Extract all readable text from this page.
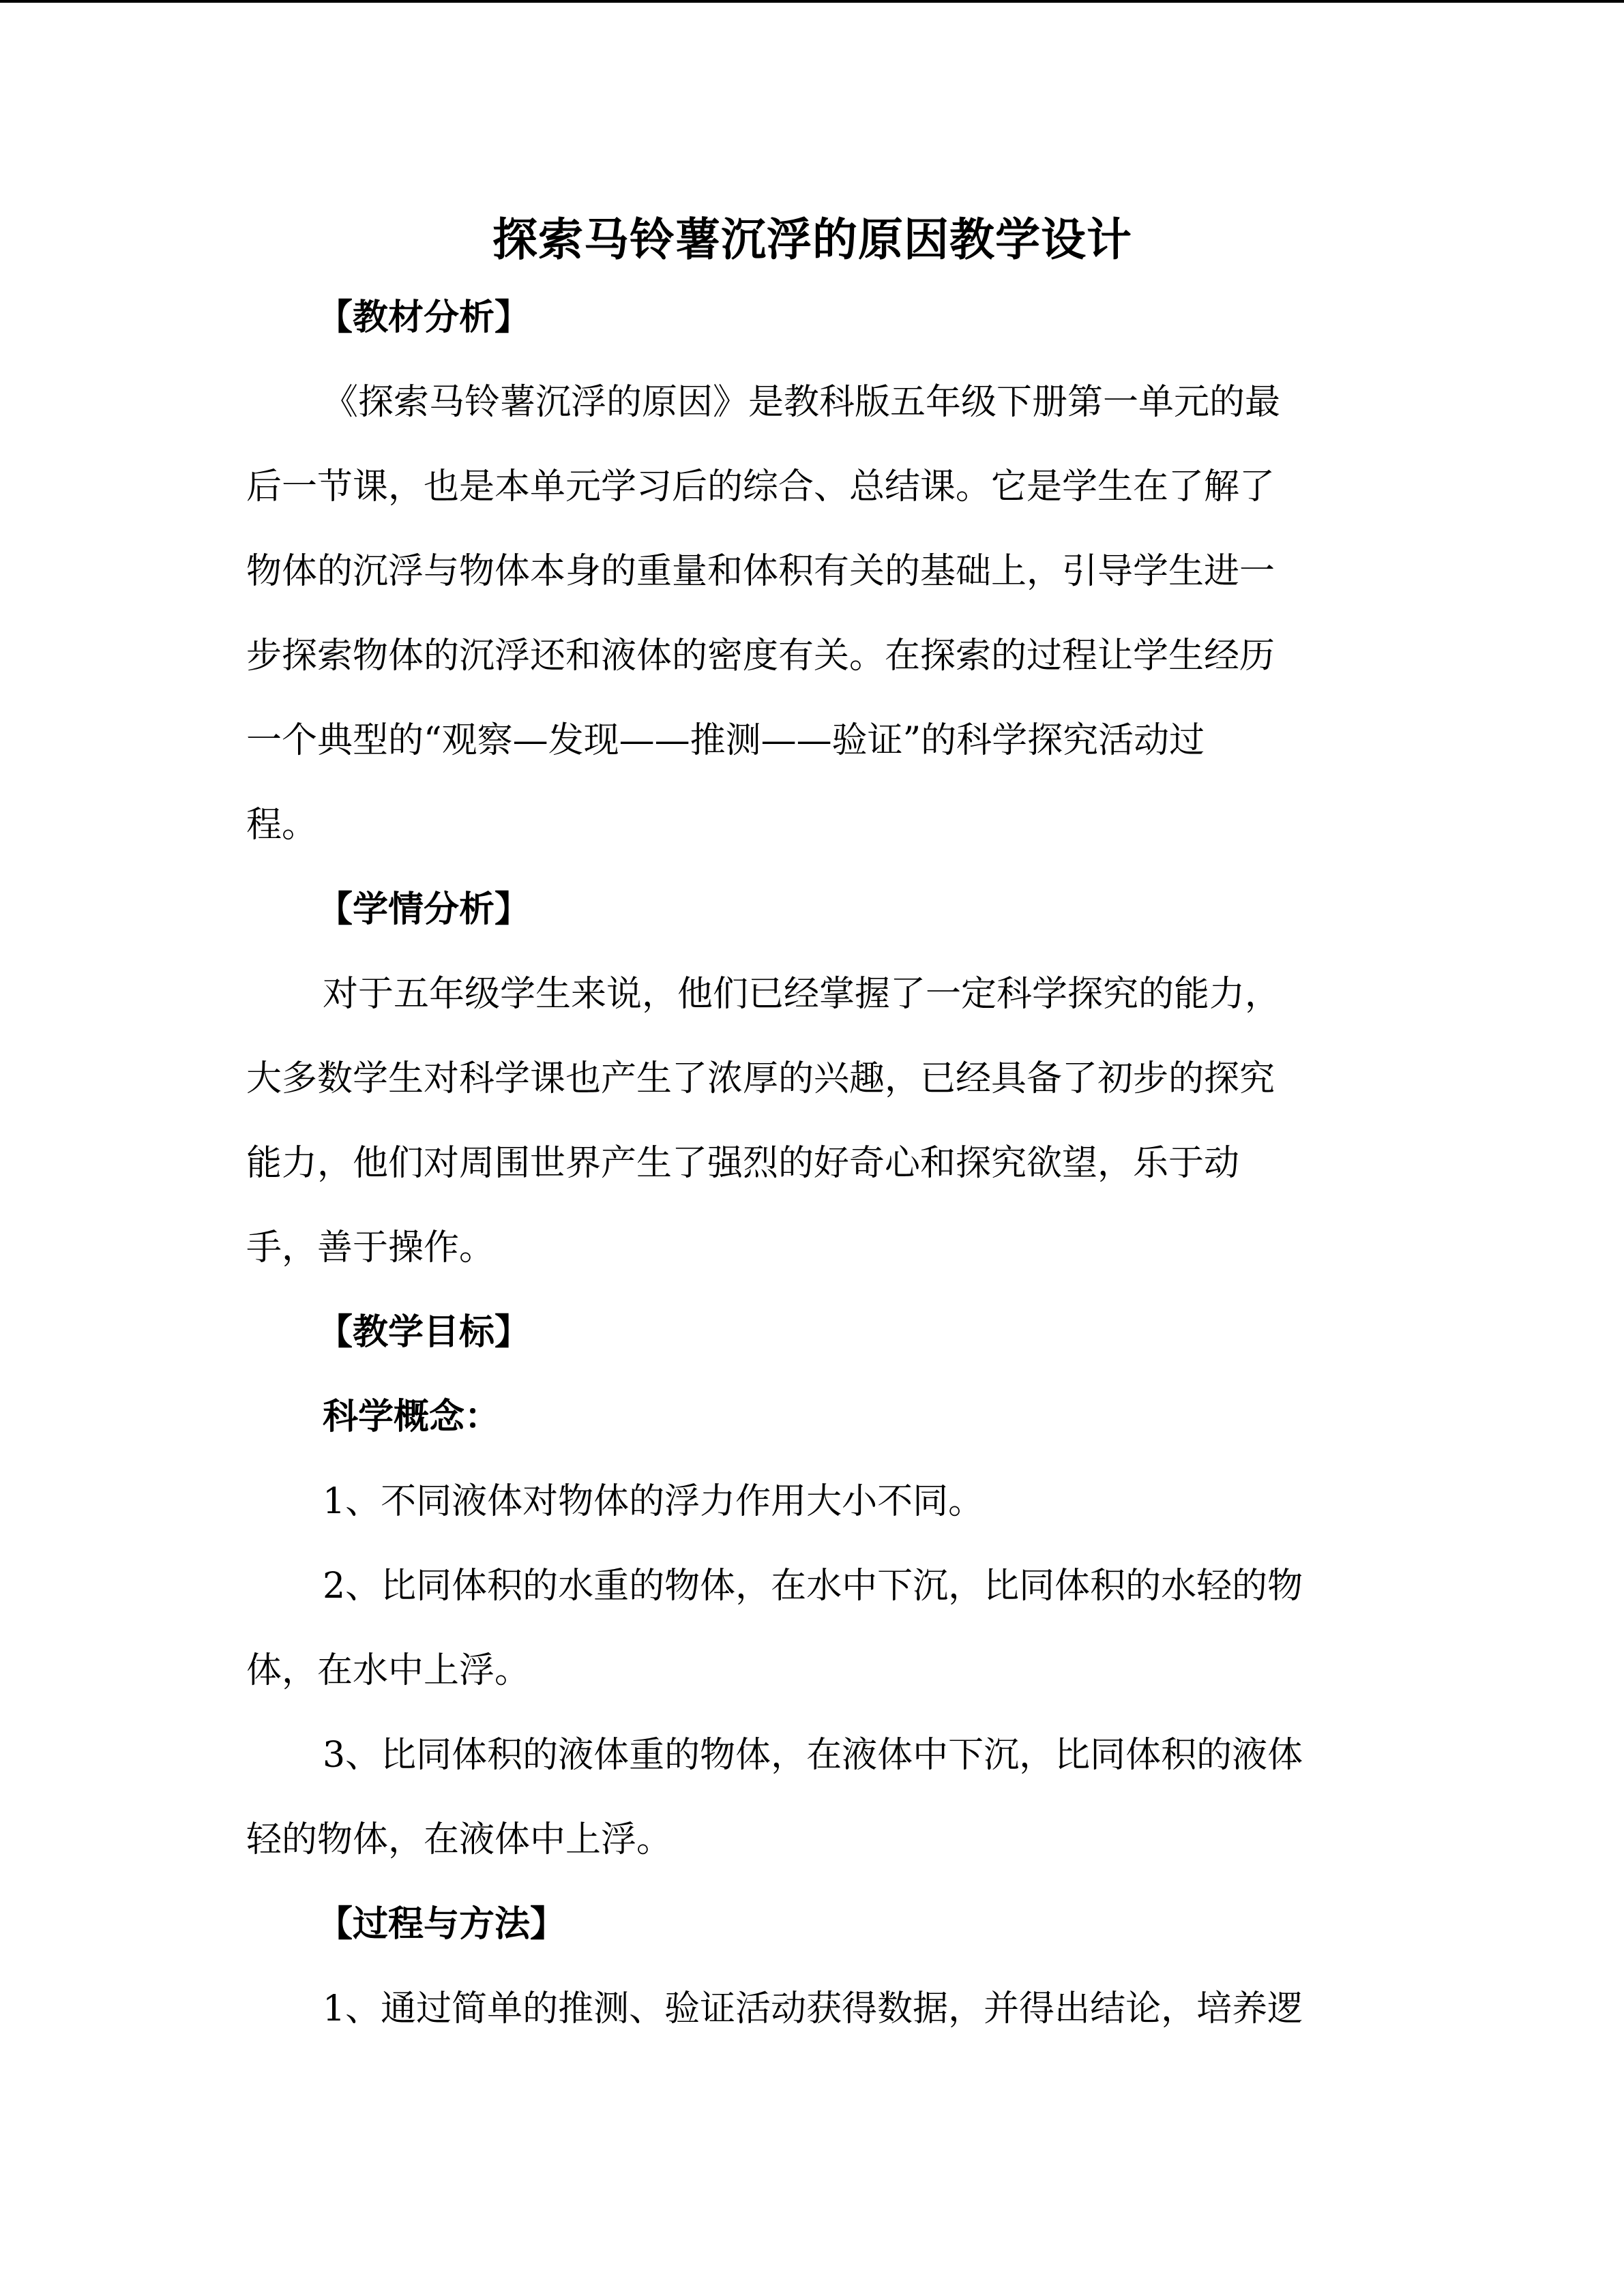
探索马铃薯沉浮的原因教学设计
【教材分析】

《探索马铃薯沉浮的原因》是教科版五年级下册第一单元的最
后一节课，也是本单元学习后的综合、总结课。它是学生在了解了
物体的沉浮与物体本身的重量和体积有关的基础上，引导学生进一
步探索物体的沉浮还和液体的密度有关。在探索的过程让学生经历
一个典型的“观察—发现——推测——验证”的科学探究活动过
程。

【学情分析】

对于五年级学生来说，他们已经掌握了一定科学探究的能力，
大多数学生对科学课也产生了浓厚的兴趣，已经具备了初步的探究
能力，他们对周围世界产生了强烈的好奇心和探究欲望，乐于动
手，善于操作。

【教学目标】
科学概念：

1、不同液体对物体的浮力作用大小不同。

2、比同体积的水重的物体，在水中下沉，比同体积的水轻的物
体，在水中上浮。

3、比同体积的液体重的物体，在液体中下沉，比同体积的液体
轻的物体，在液体中上浮。

【过程与方法】

1、通过简单的推测、验证活动获得数据，并得出结论，培养逻
